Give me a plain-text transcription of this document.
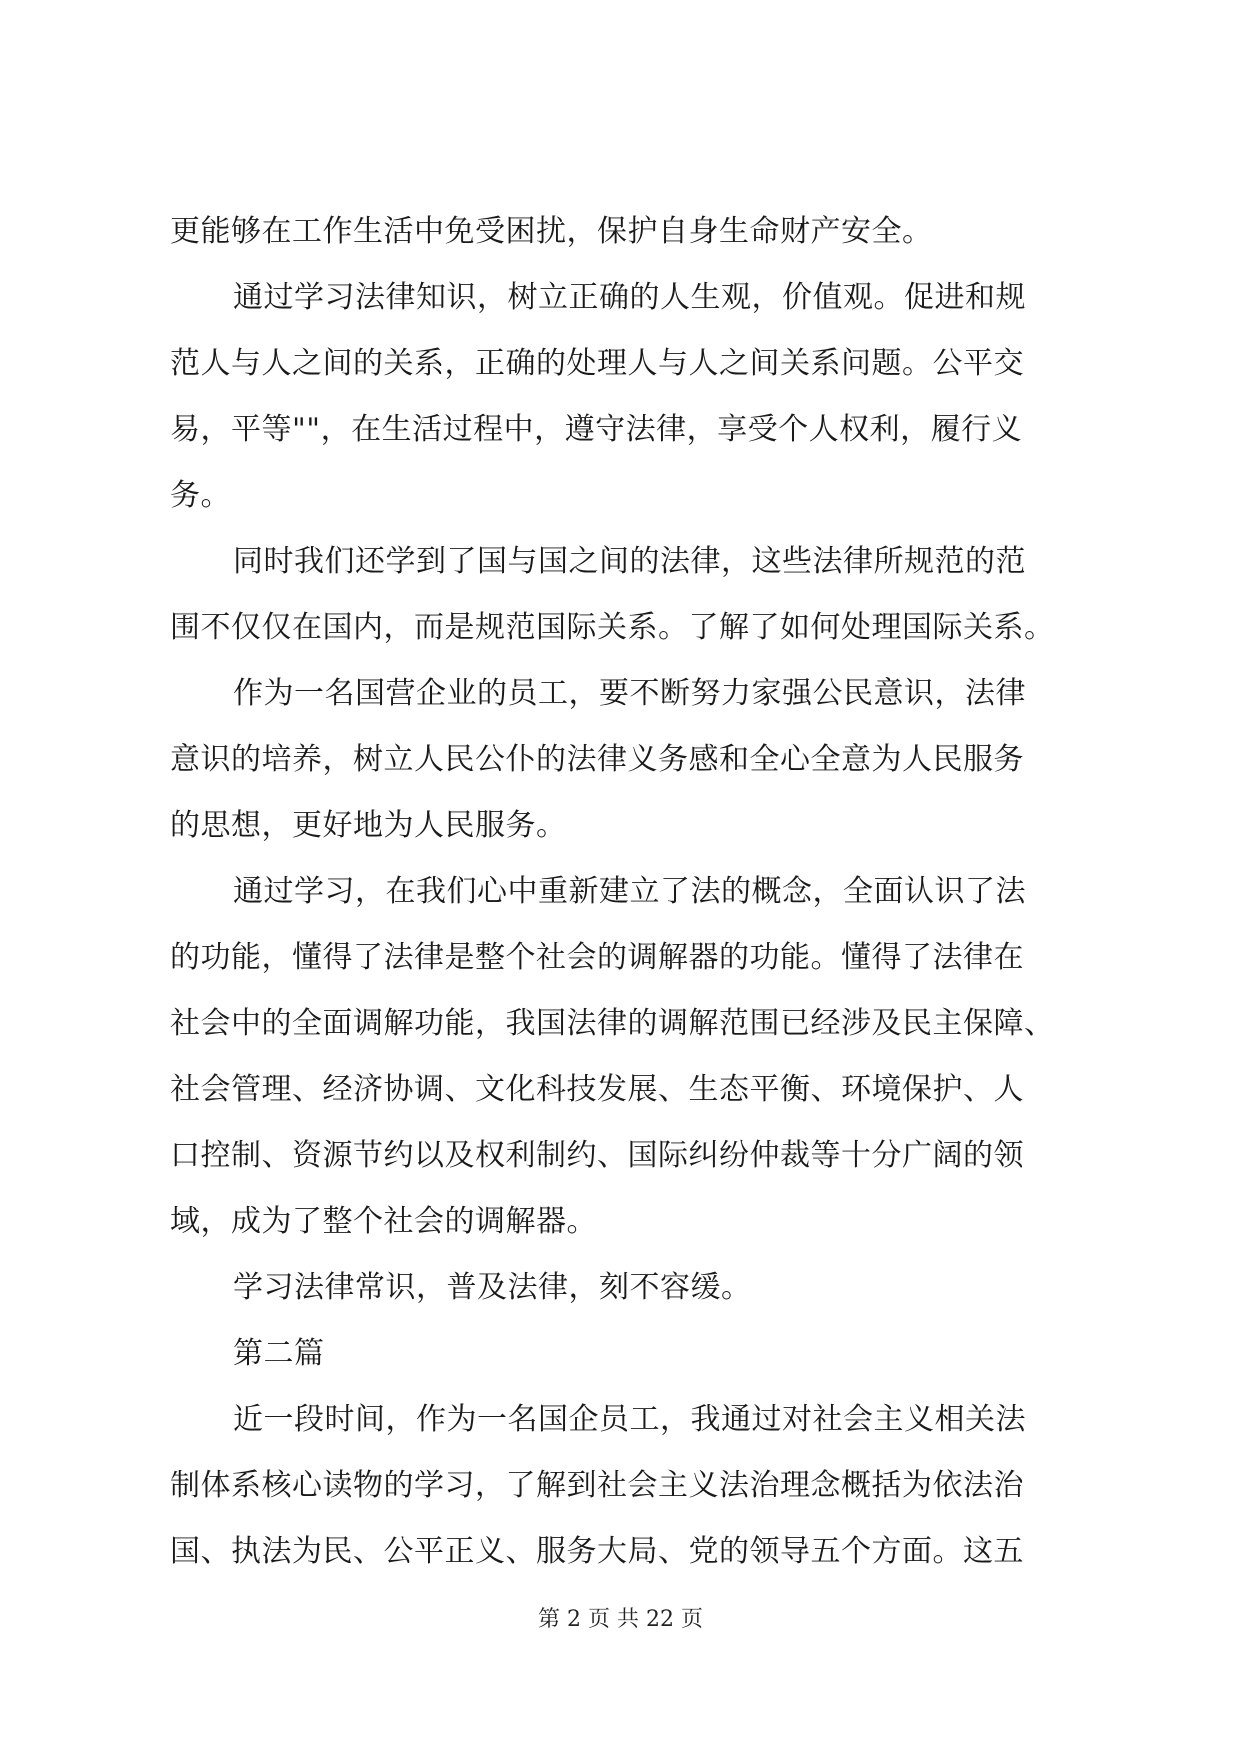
更能够在工作生活中免受困扰，保护自身生命财产安全。
通过学习法律知识，树立正确的人生观，价值观。促进和规
范人与人之间的关系，正确的处理人与人之间关系问题。公平交
易，平等""，在生活过程中，遵守法律，享受个人权利，履行义
务。
同时我们还学到了国与国之间的法律，这些法律所规范的范
围不仅仅在国内，而是规范国际关系。了解了如何处理国际关系。
作为一名国营企业的员工，要不断努力家强公民意识，法律
意识的培养，树立人民公仆的法律义务感和全心全意为人民服务
的思想，更好地为人民服务。
通过学习，在我们心中重新建立了法的概念，全面认识了法
的功能，懂得了法律是整个社会的调解器的功能。懂得了法律在
社会中的全面调解功能，我国法律的调解范围已经涉及民主保障、
社会管理、经济协调、文化科技发展、生态平衡、环境保护、人
口控制、资源节约以及权利制约、国际纠纷仲裁等十分广阔的领
域，成为了整个社会的调解器。
学习法律常识，普及法律，刻不容缓。
第二篇
近一段时间，作为一名国企员工，我通过对社会主义相关法
制体系核心读物的学习，了解到社会主义法治理念概括为依法治
国、执法为民、公平正义、服务大局、党的领导五个方面。这五
第 2 页 共 22 页
